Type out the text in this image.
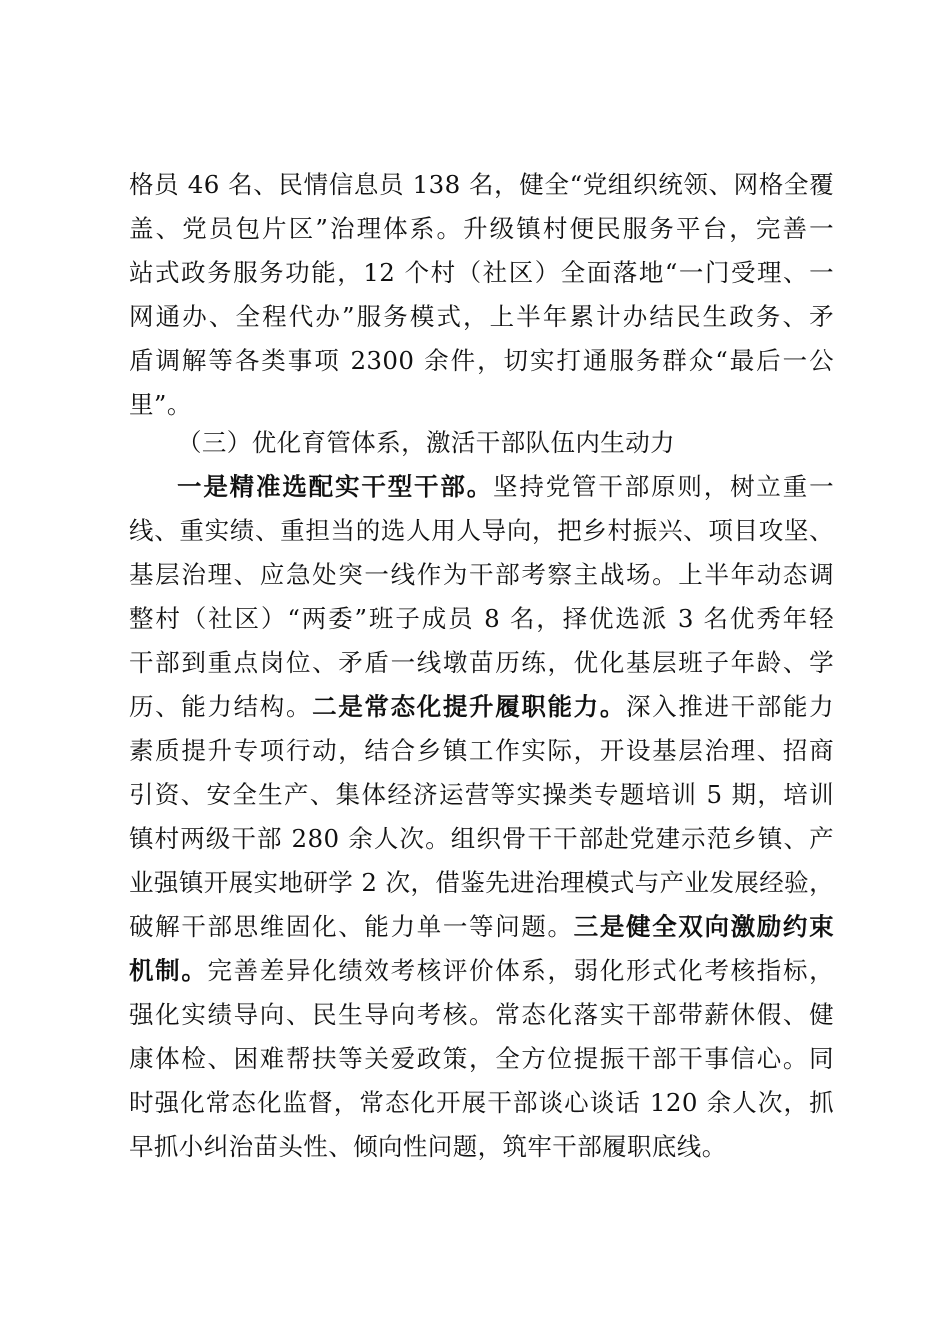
格员 46 名、民情信息员 138 名，健全“党组织统领、网格全覆
盖、党员包片区”治理体系。升级镇村便民服务平台，完善一
站式政务服务功能，12 个村（社区）全面落地“一门受理、一
网通办、全程代办”服务模式，上半年累计办结民生政务、矛
盾调解等各类事项 2300 余件，切实打通服务群众“最后一公
里”。
（三）优化育管体系，激活干部队伍内生动力
一是精准选配实干型干部。坚持党管干部原则，树立重一
线、重实绩、重担当的选人用人导向，把乡村振兴、项目攻坚、
基层治理、应急处突一线作为干部考察主战场。上半年动态调
整村（社区）“两委”班子成员 8 名，择优选派 3 名优秀年轻
干部到重点岗位、矛盾一线墩苗历练，优化基层班子年龄、学
历、能力结构。二是常态化提升履职能力。深入推进干部能力
素质提升专项行动，结合乡镇工作实际，开设基层治理、招商
引资、安全生产、集体经济运营等实操类专题培训 5 期，培训
镇村两级干部 280 余人次。组织骨干干部赴党建示范乡镇、产
业强镇开展实地研学 2 次，借鉴先进治理模式与产业发展经验，
破解干部思维固化、能力单一等问题。三是健全双向激励约束
机制。完善差异化绩效考核评价体系，弱化形式化考核指标，
强化实绩导向、民生导向考核。常态化落实干部带薪休假、健
康体检、困难帮扶等关爱政策，全方位提振干部干事信心。同
时强化常态化监督，常态化开展干部谈心谈话 120 余人次，抓
早抓小纠治苗头性、倾向性问题，筑牢干部履职底线。
